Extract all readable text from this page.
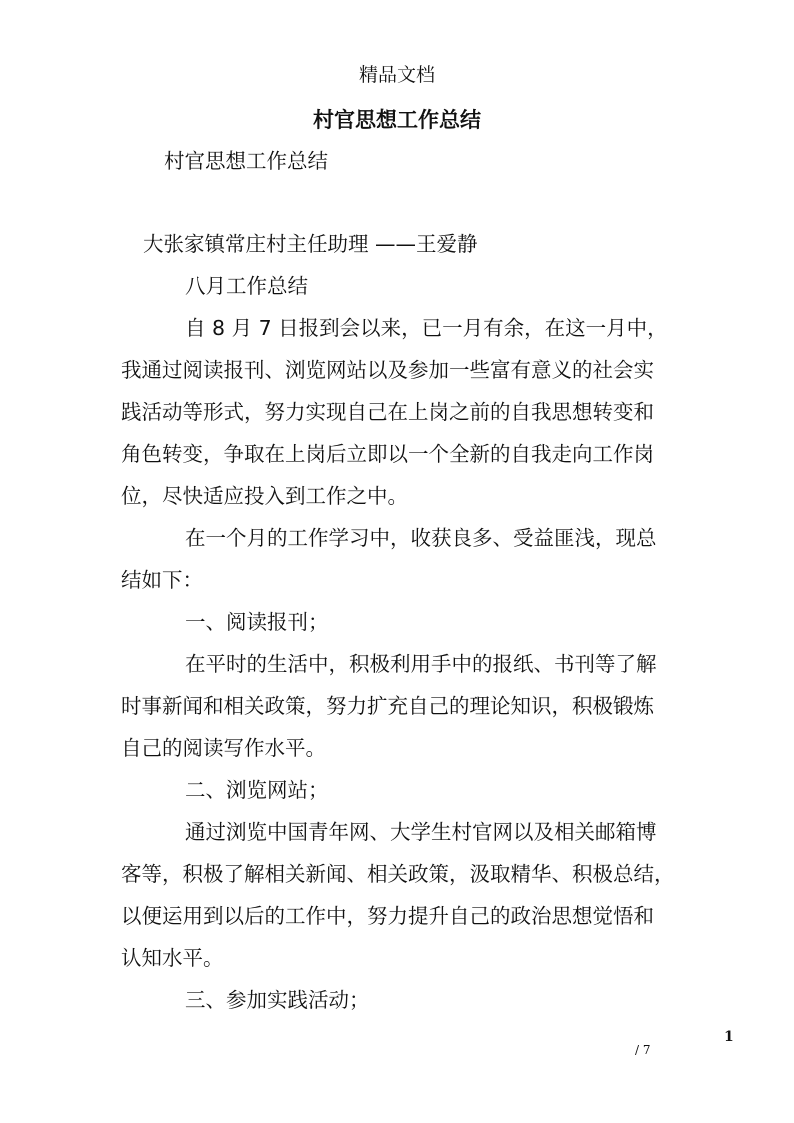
精品文档
村官思想工作总结
村官思想工作总结
大张家镇常庄村主任助理 ——王爱静
八月工作总结
自 8 月 7 日报到会以来，已一月有余，在这一月中，
我通过阅读报刊、浏览网站以及参加一些富有意义的社会实
践活动等形式，努力实现自己在上岗之前的自我思想转变和
角色转变，争取在上岗后立即以一个全新的自我走向工作岗
位，尽快适应投入到工作之中。
在一个月的工作学习中，收获良多、受益匪浅，现总
结如下：
一、阅读报刊；
在平时的生活中，积极利用手中的报纸、书刊等了解
时事新闻和相关政策，努力扩充自己的理论知识，积极锻炼
自己的阅读写作水平。
二、浏览网站；
通过浏览中国青年网、大学生村官网以及相关邮箱博
客等，积极了解相关新闻、相关政策，汲取精华、积极总结，
以便运用到以后的工作中，努力提升自己的政治思想觉悟和
认知水平。
三、参加实践活动；
1
/ 7
